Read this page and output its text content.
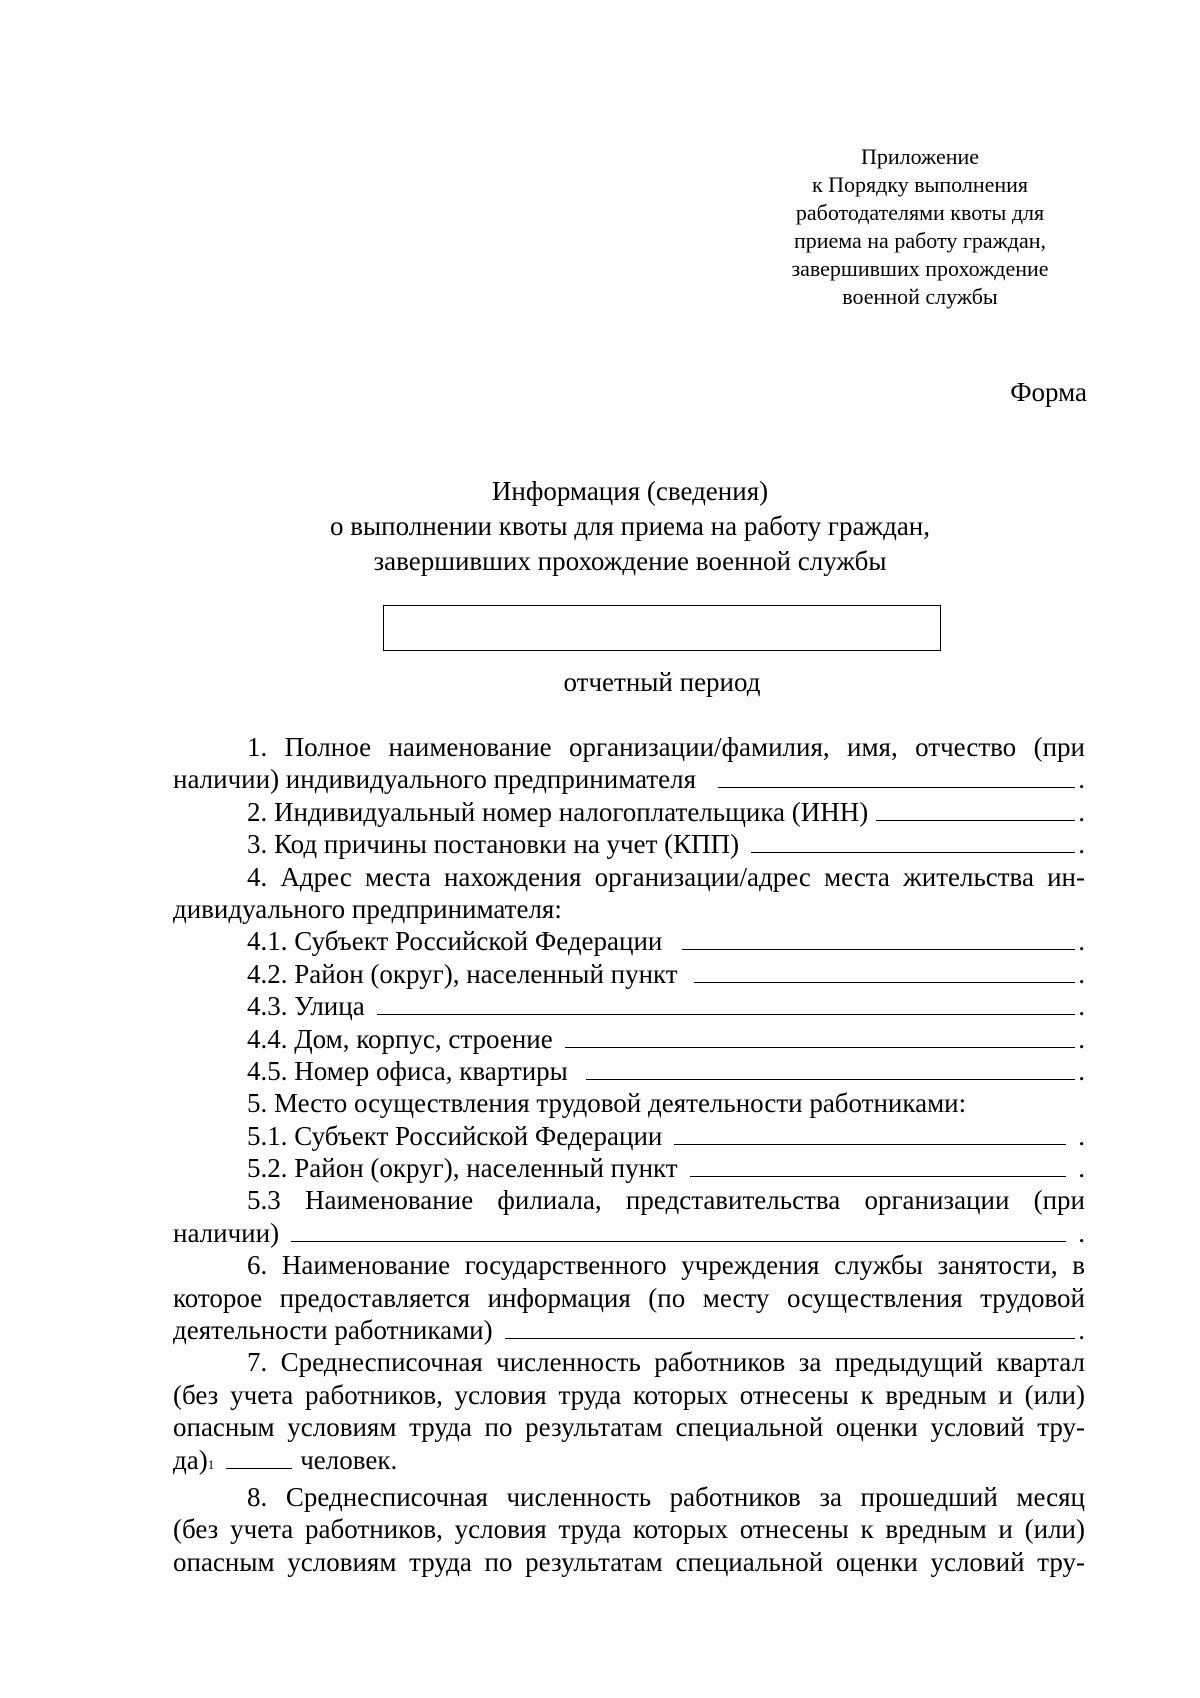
Приложение
к Порядку выполнения
работодателями квоты для
приема на работу граждан,
завершивших прохождение
военной службы
Форма
Информация (сведения)
о выполнении квоты для приема на работу граждан,
завершивших прохождение военной службы
отчетный период
1. Полное наименование организации/фамилия, имя, отчество (при
наличии) индивидуального предпринимателя	.
2. Индивидуальный номер налогоплательщика (ИНН)	.
3. Код причины постановки на учет (КПП)	.
4. Адрес места нахождения организации/адрес места жительства ин-
дивидуального предпринимателя:
4.1. Субъект Российской Федерации	.
4.2. Район (округ), населенный пункт	.
4.3. Улица	.
4.4. Дом, корпус, строение	.
4.5. Номер офиса, квартиры	.
5. Место осуществления трудовой деятельности работниками:
5.1. Субъект Российской Федерации	.
5.2. Район (округ), населенный пункт	.
5.3 Наименование филиала, представительства организации (при
наличии)	.
6. Наименование государственного учреждения службы занятости, в
которое предоставляется информация (по месту осуществления трудовой
деятельности работниками)	.
7. Среднесписочная численность работников за предыдущий квартал
(без учета работников, условия труда которых отнесены к вредным и (или)
опасным условиям труда по результатам специальной оценки условий тру-
да) 1	человек.
8. Среднесписочная численность работников за прошедший месяц
(без учета работников, условия труда которых отнесены к вредным и (или)
опасным условиям труда по результатам специальной оценки условий тру-
